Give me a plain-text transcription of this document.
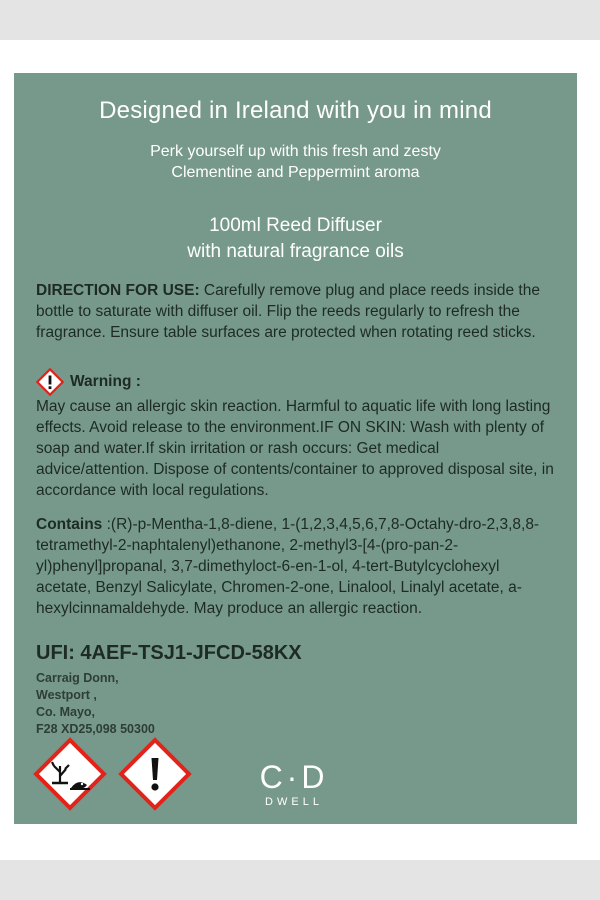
Designed in Ireland with you in mind
Perk yourself up with this fresh and zesty
Clementine and Peppermint aroma
100ml Reed Diffuser
with natural fragrance oils
DIRECTION FOR USE: Carefully remove plug and place reeds inside the bottle to saturate with diffuser oil. Flip the reeds regularly to refresh the fragrance. Ensure table surfaces are protected when rotating reed sticks.
Warning :
May cause an allergic skin reaction. Harmful to aquatic life with long lasting effects. Avoid release to the environment.IF ON SKIN: Wash with plenty of soap and water.If skin irritation or rash occurs: Get medical advice/attention. Dispose of contents/container to approved disposal site, in accordance with local regulations.
Contains :(R)-p-Mentha-1,8-diene, 1-(1,2,3,4,5,6,7,8-Octahy-dro-2,3,8,8-tetramethyl-2-naphtalenyl)ethanone, 2-methyl3-[4-(pro-pan-2-yl)phenyl]propanal, 3,7-dimethyloct-6-en-1-ol, 4-tert-Butylcyclohexyl acetate, Benzyl Salicylate, Chromen-2-one, Linalool, Linalyl acetate, a-hexylcinnamaldehyde. May produce an allergic reaction.
UFI: 4AEF-TSJ1-JFCD-58KX
Carraig Donn,
Westport ,
Co. Mayo,
F28 XD25,098 50300
C·D
DWELL
